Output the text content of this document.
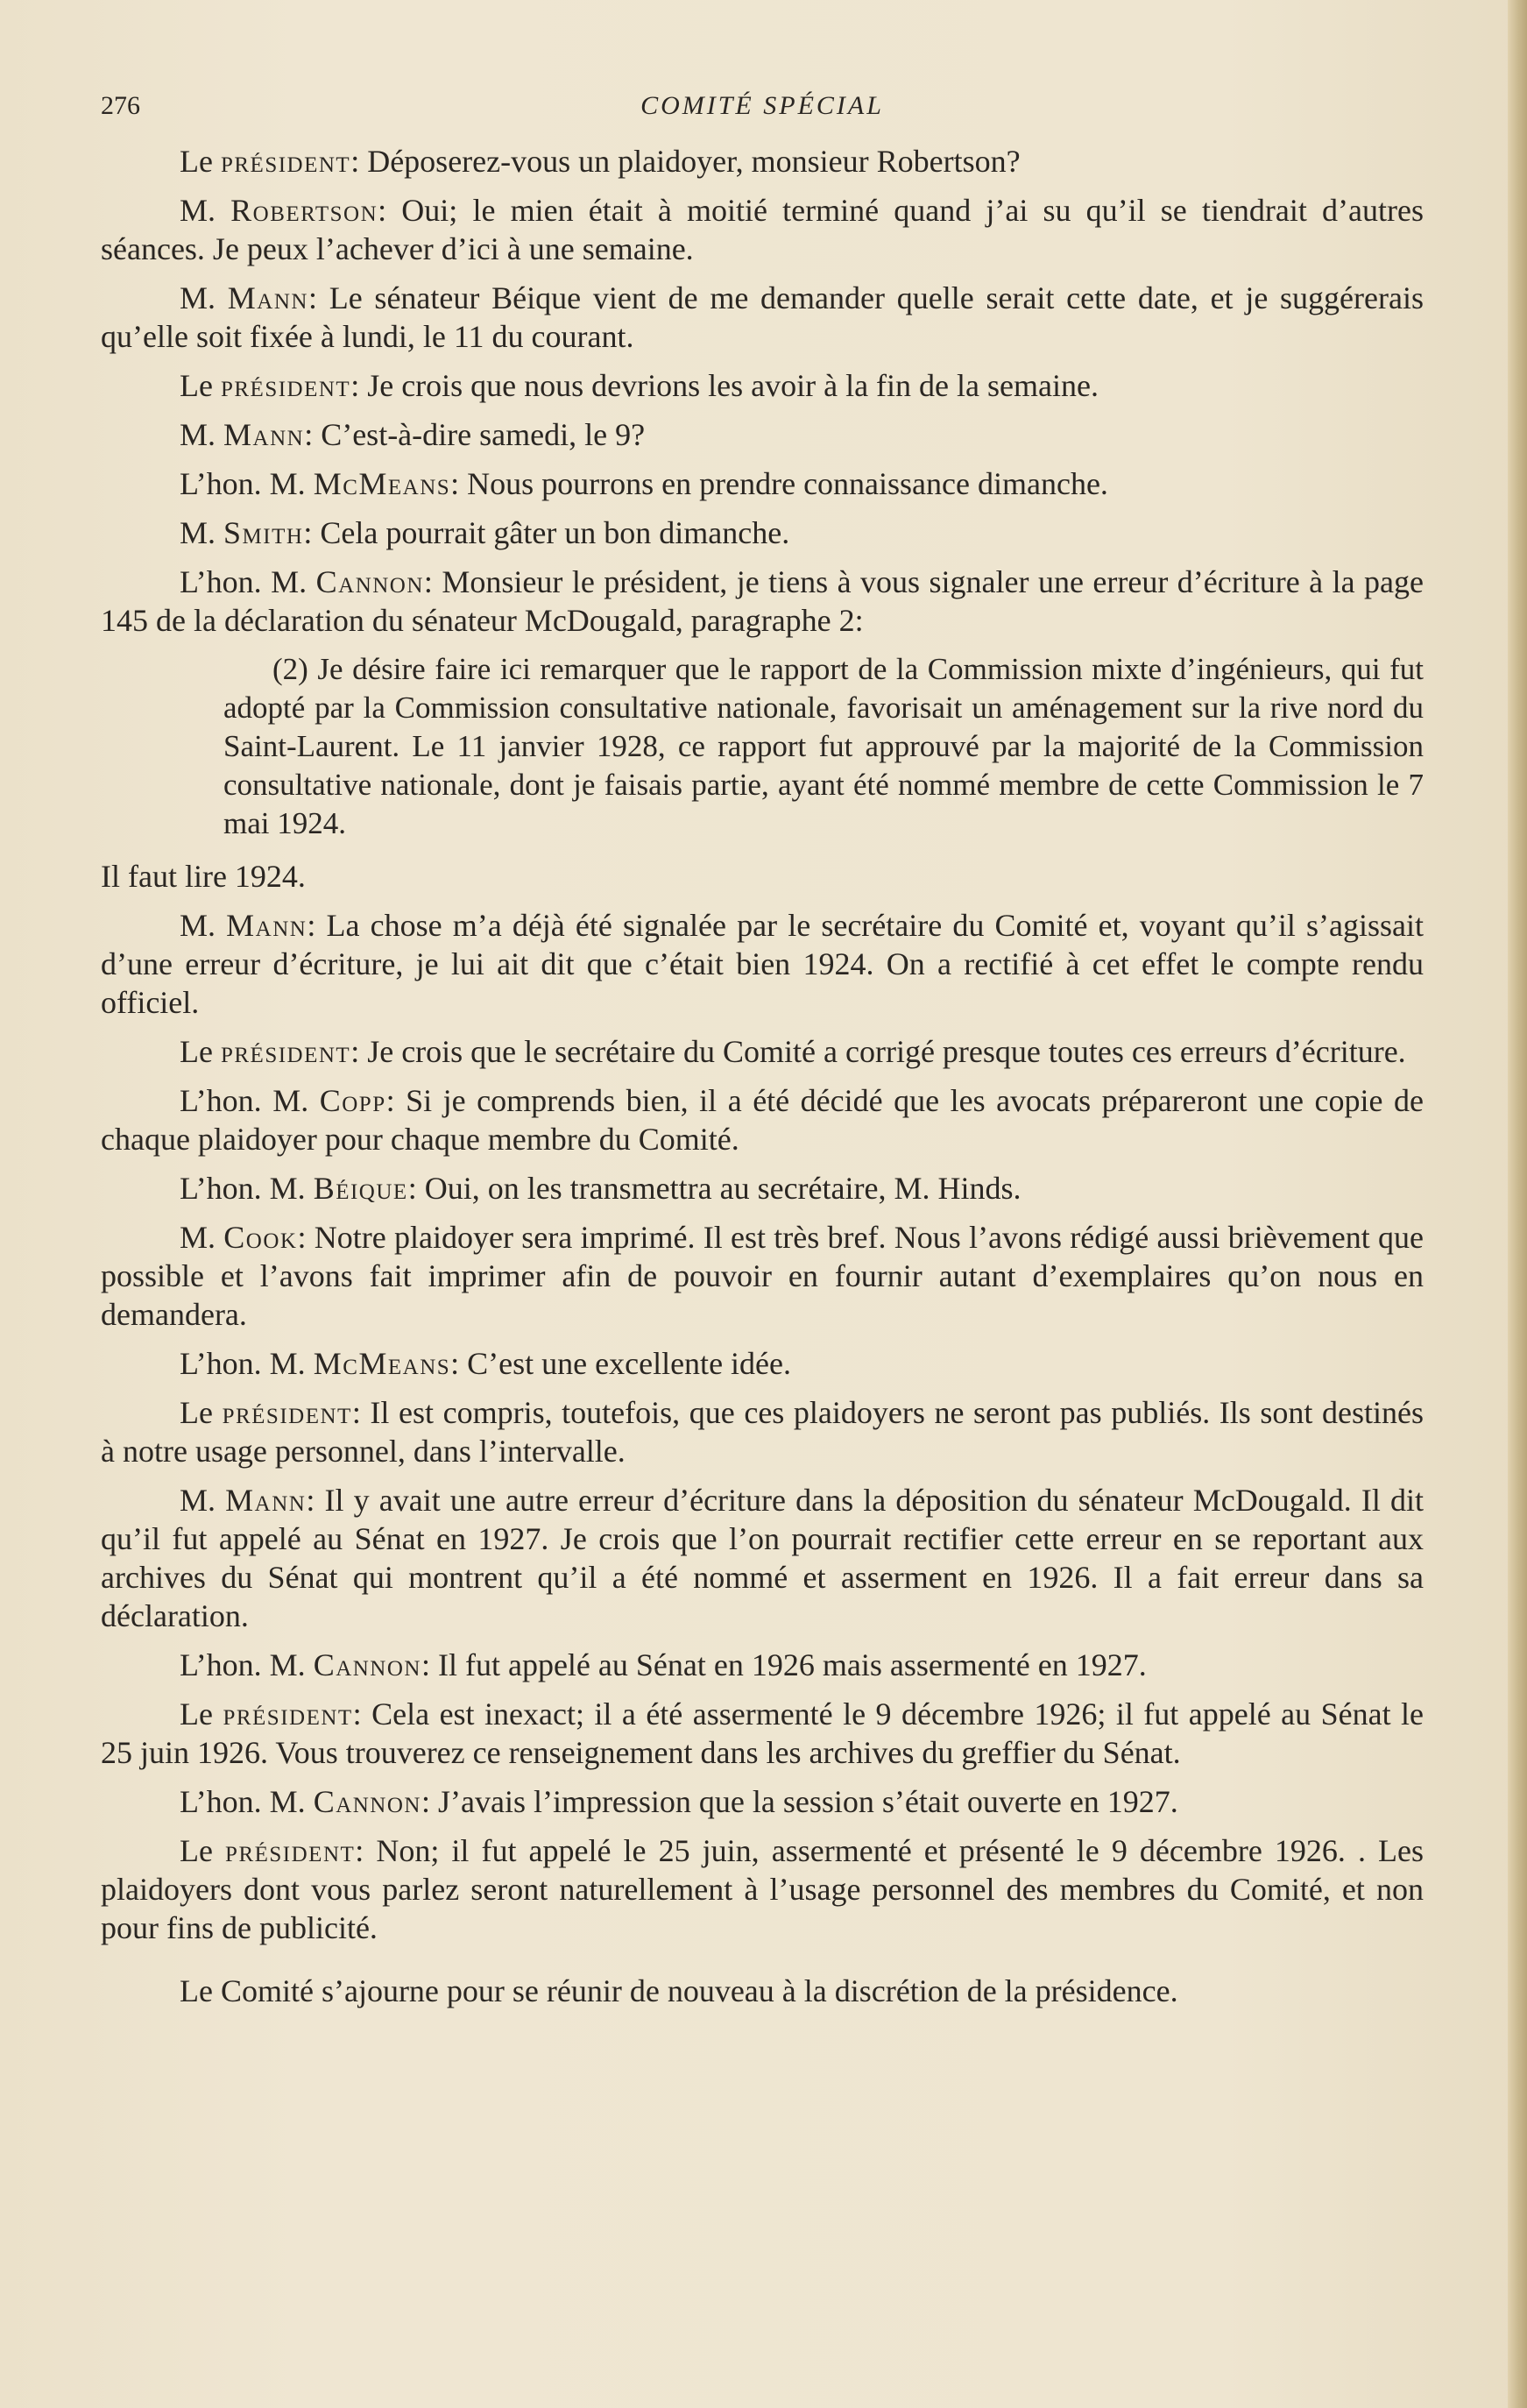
276	COMITÉ SPÉCIAL

Le président: Déposerez-vous un plaidoyer, monsieur Robertson?

M. Robertson: Oui; le mien était à moitié terminé quand j’ai su qu’il se tiendrait d’autres séances. Je peux l’achever d’ici à une semaine.

M. Mann: Le sénateur Béique vient de me demander quelle serait cette date, et je suggérerais qu’elle soit fixée à lundi, le 11 du courant.

Le président: Je crois que nous devrions les avoir à la fin de la semaine.

M. Mann: C’est-à-dire samedi, le 9?

L’hon. M. McMeans: Nous pourrons en prendre connaissance dimanche.

M. Smith: Cela pourrait gâter un bon dimanche.

L’hon. M. Cannon: Monsieur le président, je tiens à vous signaler une erreur d’écriture à la page 145 de la déclaration du sénateur McDougald, paragraphe 2:

(2) Je désire faire ici remarquer que le rapport de la Commission mixte d’ingénieurs, qui fut adopté par la Commission consultative nationale, favorisait un aménagement sur la rive nord du Saint-Laurent. Le 11 janvier 1928, ce rapport fut approuvé par la majorité de la Commission consultative nationale, dont je faisais partie, ayant été nommé membre de cette Commission le 7 mai 1924.

Il faut lire 1924.

M. Mann: La chose m’a déjà été signalée par le secrétaire du Comité et, voyant qu’il s’agissait d’une erreur d’écriture, je lui ait dit que c’était bien 1924. On a rectifié à cet effet le compte rendu officiel.

Le président: Je crois que le secrétaire du Comité a corrigé presque toutes ces erreurs d’écriture.

L’hon. M. Copp: Si je comprends bien, il a été décidé que les avocats prépareront une copie de chaque plaidoyer pour chaque membre du Comité.

L’hon. M. Béique: Oui, on les transmettra au secrétaire, M. Hinds.

M. Cook: Notre plaidoyer sera imprimé. Il est très bref. Nous l’avons rédigé aussi brièvement que possible et l’avons fait imprimer afin de pouvoir en fournir autant d’exemplaires qu’on nous en demandera.

L’hon. M. McMeans: C’est une excellente idée.

Le président: Il est compris, toutefois, que ces plaidoyers ne seront pas publiés. Ils sont destinés à notre usage personnel, dans l’intervalle.

M. Mann: Il y avait une autre erreur d’écriture dans la déposition du sénateur McDougald. Il dit qu’il fut appelé au Sénat en 1927. Je crois que l’on pourrait rectifier cette erreur en se reportant aux archives du Sénat qui montrent qu’il a été nommé et asserment en 1926. Il a fait erreur dans sa déclaration.

L’hon. M. Cannon: Il fut appelé au Sénat en 1926 mais assermenté en 1927.

Le président: Cela est inexact; il a été assermenté le 9 décembre 1926; il fut appelé au Sénat le 25 juin 1926. Vous trouverez ce renseignement dans les archives du greffier du Sénat.

L’hon. M. Cannon: J’avais l’impression que la session s’était ouverte en 1927.

Le président: Non; il fut appelé le 25 juin, assermenté et présenté le 9 décembre 1926. . Les plaidoyers dont vous parlez seront naturellement à l’usage personnel des membres du Comité, et non pour fins de publicité.

Le Comité s’ajourne pour se réunir de nouveau à la discrétion de la présidence.
